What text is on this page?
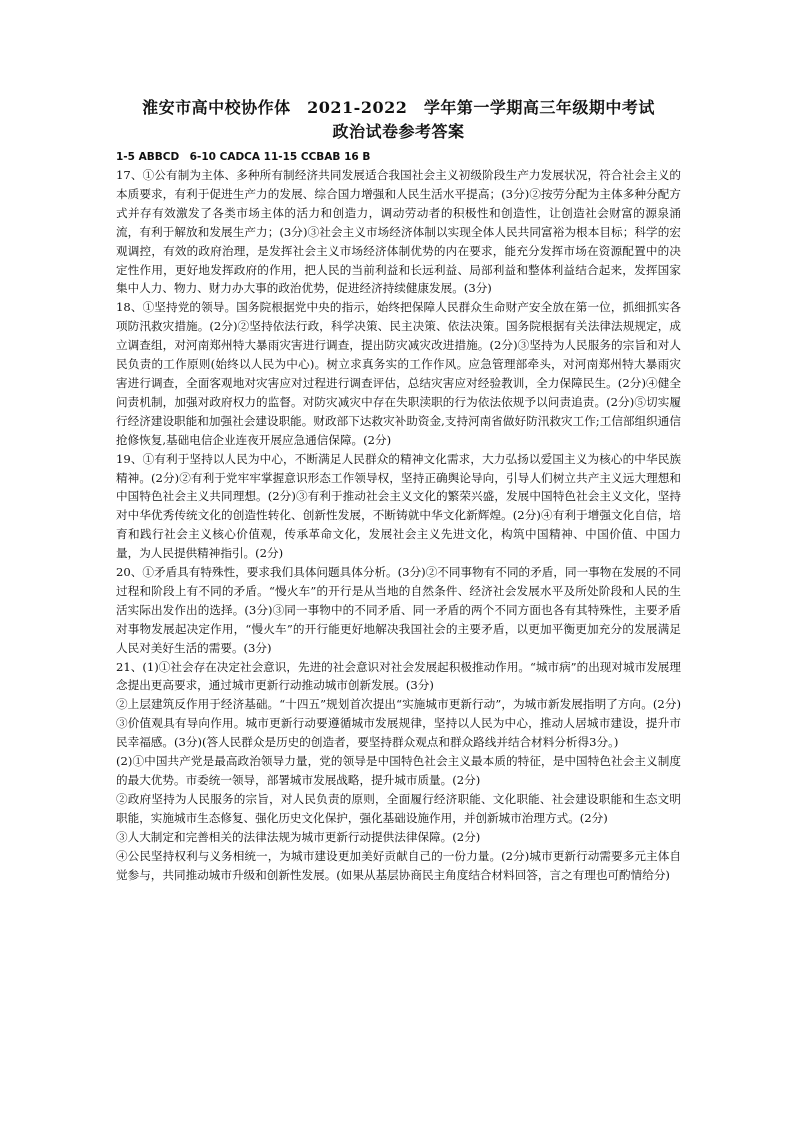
淮安市高中校协作体　2021-2022　学年第一学期高三年级期中考试
政治试卷参考答案

1-5 ABBCD　6-10 CADCA 11-15 CCBAB 16 B

17、①公有制为主体、多种所有制经济共同发展适合我国社会主义初级阶段生产力发展状况，符合社会主义的本质要求，有利于促进生产力的发展、综合国力增强和人民生活水平提高；(3分)②按劳分配为主体多种分配方式并存有效激发了各类市场主体的活力和创造力，调动劳动者的积极性和创造性，让创造社会财富的源泉涌流，有利于解放和发展生产力；(3分)③社会主义市场经济体制以实现全体人民共同富裕为根本目标；科学的宏观调控，有效的政府治理，是发挥社会主义市场经济体制优势的内在要求，能充分发挥市场在资源配置中的决定性作用，更好地发挥政府的作用，把人民的当前利益和长远利益、局部利益和整体利益结合起来，发挥国家集中人力、物力、财力办大事的政治优势，促进经济持续健康发展。(3分)

18、①坚持党的领导。国务院根据党中央的指示，始终把保障人民群众生命财产安全放在第一位，抓细抓实各项防汛救灾措施。(2分)②坚持依法行政，科学决策、民主决策、依法决策。国务院根据有关法律法规规定，成立调查组，对河南郑州特大暴雨灾害进行调查，提出防灾减灾改进措施。(2分)③坚持为人民服务的宗旨和对人民负责的工作原则(始终以人民为中心)。树立求真务实的工作作风。应急管理部牵头，对河南郑州特大暴雨灾害进行调查，全面客观地对灾害应对过程进行调查评估，总结灾害应对经验教训，全力保障民生。(2分)④健全问责机制，加强对政府权力的监督。对防灾减灾中存在失职渎职的行为依法依规予以问责追责。(2分)⑤切实履行经济建设职能和加强社会建设职能。财政部下达救灾补助资金,支持河南省做好防汛救灾工作;工信部组织通信抢修恢复,基础电信企业连夜开展应急通信保障。(2分)

19、①有利于坚持以人民为中心，不断满足人民群众的精神文化需求，大力弘扬以爱国主义为核心的中华民族精神。(2分)②有利于党牢牢掌握意识形态工作领导权，坚持正确舆论导向，引导人们树立共产主义远大理想和中国特色社会主义共同理想。(2分)③有利于推动社会主义文化的繁荣兴盛，发展中国特色社会主义文化，坚持对中华优秀传统文化的创造性转化、创新性发展，不断铸就中华文化新辉煌。(2分)④有利于增强文化自信，培育和践行社会主义核心价值观，传承革命文化，发展社会主义先进文化，构筑中国精神、中国价值、中国力量，为人民提供精神指引。(2分)

20、①矛盾具有特殊性，要求我们具体问题具体分析。(3分)②不同事物有不同的矛盾，同一事物在发展的不同过程和阶段上有不同的矛盾。“慢火车”的开行是从当地的自然条件、经济社会发展水平及所处阶段和人民的生活实际出发作出的选择。(3分)③同一事物中的不同矛盾、同一矛盾的两个不同方面也各有其特殊性，主要矛盾对事物发展起决定作用，“慢火车”的开行能更好地解决我国社会的主要矛盾，以更加平衡更加充分的发展满足人民对美好生活的需要。(3分)

21、(1)①社会存在决定社会意识，先进的社会意识对社会发展起积极推动作用。“城市病”的出现对城市发展理念提出更高要求，通过城市更新行动推动城市创新发展。(3分)

②上层建筑反作用于经济基础。“十四五”规划首次提出“实施城市更新行动”，为城市新发展指明了方向。(2分)③价值观具有导向作用。城市更新行动要遵循城市发展规律，坚持以人民为中心，推动人居城市建设，提升市民幸福感。(3分)(答人民群众是历史的创造者，要坚持群众观点和群众路线并结合材料分析得3分。)

(2)①中国共产党是最高政治领导力量，党的领导是中国特色社会主义最本质的特征，是中国特色社会主义制度的最大优势。市委统一领导，部署城市发展战略，提升城市质量。(2分)

②政府坚持为人民服务的宗旨，对人民负责的原则，全面履行经济职能、文化职能、社会建设职能和生态文明职能，实施城市生态修复、强化历史文化保护，强化基础设施作用，并创新城市治理方式。(2分)

③人大制定和完善相关的法律法规为城市更新行动提供法律保障。(2分)

④公民坚持权利与义务相统一，为城市建设更加美好贡献自己的一份力量。(2分)城市更新行动需要多元主体自觉参与，共同推动城市升级和创新性发展。(如果从基层协商民主角度结合材料回答，言之有理也可酌情给分)
